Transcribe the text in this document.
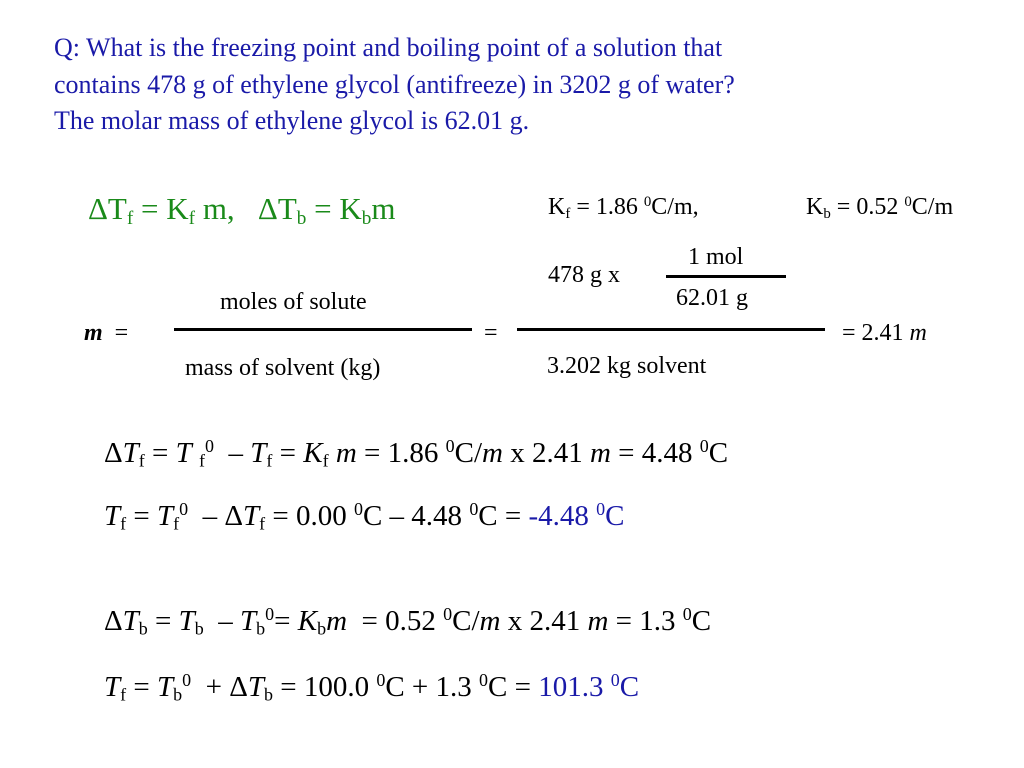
Q: What is the freezing point and boiling point of a solution that
contains 478 g of ethylene glycol (antifreeze) in 3202 g of water?
The molar mass of ethylene glycol is 62.01 g.
$\Delta T_f = K_f$ m,   $\Delta T_b = K_bm$	$K_f = 1.86$ $^0$C/m,	$K_b = 0.52$ $^0$C/m
1 mol
478 g x
62.01 g
moles of solute
m  =	=	= 2.41 m
mass of solvent (kg)	3.202 kg solvent
$\Delta T_f = T$ $_f^0 - T_f = K_f$ m = 1.86 $^0$C/m x 2.41 m = 4.48 $^0$C
$T_f = T_f^0 - \Delta T_f = 0.00$ $^0$C – 4.48 $^0$C = -4.48 $^0$C
$\Delta T_b = T_b - T_b^0= K_bm = 0.52$ $^0$C/m x 2.41 m = 1.3 $^0$C
$T_f = T_b^0 + \Delta T_b = 100.0$ $^0$C + 1.3 $^0$C = 101.3 $^0$C
